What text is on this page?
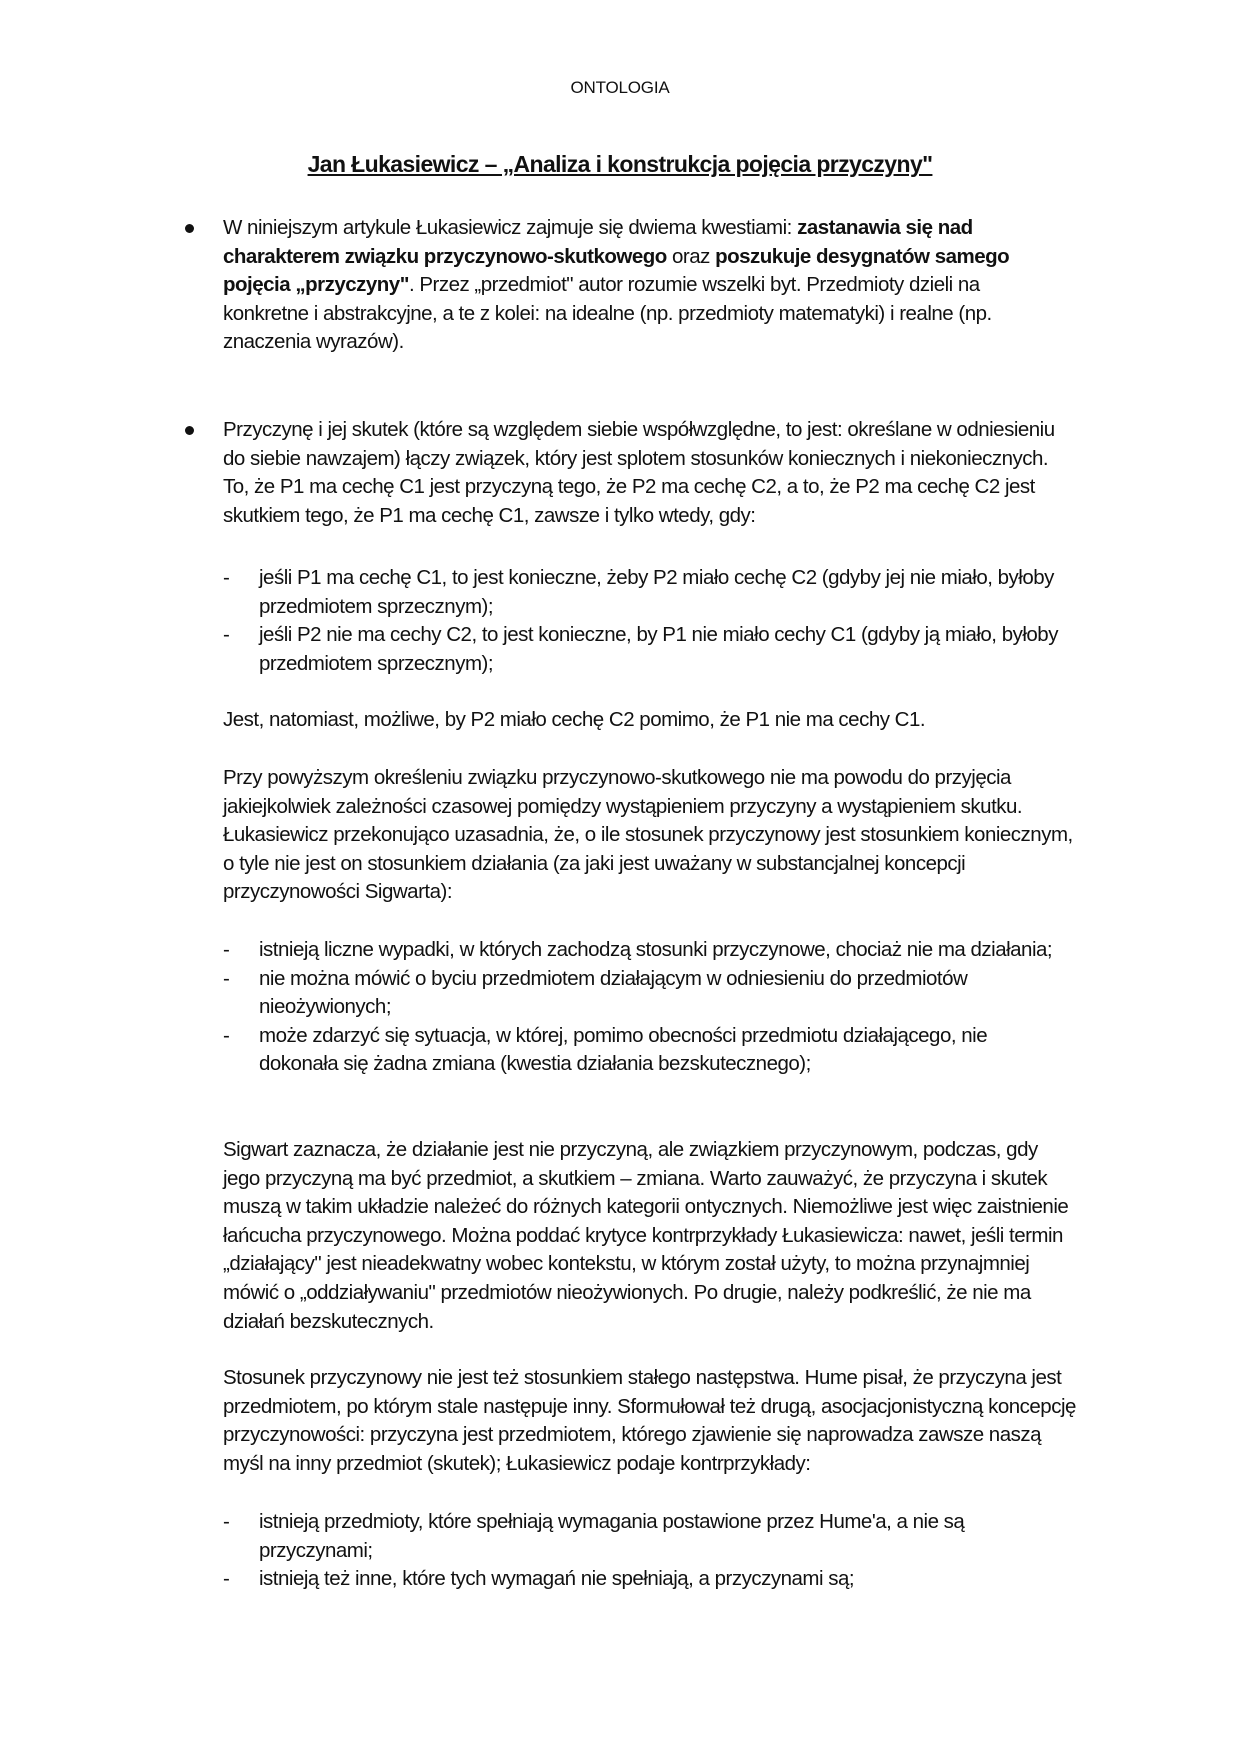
ONTOLOGIA
Jan Łukasiewicz – „Analiza i konstrukcja pojęcia przyczyny"
W niniejszym artykule Łukasiewicz zajmuje się dwiema kwestiami: zastanawia się nad charakterem związku przyczynowo-skutkowego oraz poszukuje desygnatów samego pojęcia „przyczyny". Przez „przedmiot" autor rozumie wszelki byt. Przedmioty dzieli na konkretne i abstrakcyjne, a te z kolei: na idealne (np. przedmioty matematyki) i realne (np. znaczenia wyrazów).
Przyczynę i jej skutek (które są względem siebie współwzględne, to jest: określane w odniesieniu do siebie nawzajem) łączy związek, który jest splotem stosunków koniecznych i niekoniecznych. To, że P1 ma cechę C1 jest przyczyną tego, że P2 ma cechę C2, a to, że P2 ma cechę C2 jest skutkiem tego, że P1 ma cechę C1, zawsze i tylko wtedy, gdy:
- jeśli P1 ma cechę C1, to jest konieczne, żeby P2 miało cechę C2 (gdyby jej nie miało, byłoby przedmiotem sprzecznym);
- jeśli P2 nie ma cechy C2, to jest konieczne, by P1 nie miało cechy C1 (gdyby ją miało, byłoby przedmiotem sprzecznym);

Jest, natomiast, możliwe, by P2 miało cechę C2 pomimo, że P1 nie ma cechy C1.

Przy powyższym określeniu związku przyczynowo-skutkowego nie ma powodu do przyjęcia jakiejkolwiek zależności czasowej pomiędzy wystąpieniem przyczyny a wystąpieniem skutku. Łukasiewicz przekonująco uzasadnia, że, o ile stosunek przyczynowy jest stosunkiem koniecznym, o tyle nie jest on stosunkiem działania (za jaki jest uważany w substancjalnej koncepcji przyczynowości Sigwarta):

- istnieją liczne wypadki, w których zachodzą stosunki przyczynowe, chociaż nie ma działania;
- nie można mówić o byciu przedmiotem działającym w odniesieniu do przedmiotów nieożywionych;
- może zdarzyć się sytuacja, w której, pomimo obecności przedmiotu działającego, nie dokonała się żadna zmiana (kwestia działania bezskutecznego);

Sigwart zaznacza, że działanie jest nie przyczyną, ale związkiem przyczynowym, podczas, gdy jego przyczyną ma być przedmiot, a skutkiem – zmiana. Warto zauważyć, że przyczyna i skutek muszą w takim układzie należeć do różnych kategorii ontycznych. Niemożliwe jest więc zaistnienie łańcucha przyczynowego. Można poddać krytyce kontrprzykłady Łukasiewicza: nawet, jeśli termin „działający" jest nieadekwatny wobec kontekstu, w którym został użyty, to można przynajmniej mówić o „oddziaływaniu" przedmiotów nieożywionych. Po drugie, należy podkreślić, że nie ma działań bezskutecznych.

Stosunek przyczynowy nie jest też stosunkiem stałego następstwa. Hume pisał, że przyczyna jest przedmiotem, po którym stale następuje inny. Sformułował też drugą, asocjacjonistyczną koncepcję przyczynowości: przyczyna jest przedmiotem, którego zjawienie się naprowadza zawsze naszą myśl na inny przedmiot (skutek); Łukasiewicz podaje kontrprzykłady:

- istnieją przedmioty, które spełniają wymagania postawione przez Hume'a, a nie są przyczynami;
- istnieją też inne, które tych wymagań nie spełniają, a przyczynami są;
